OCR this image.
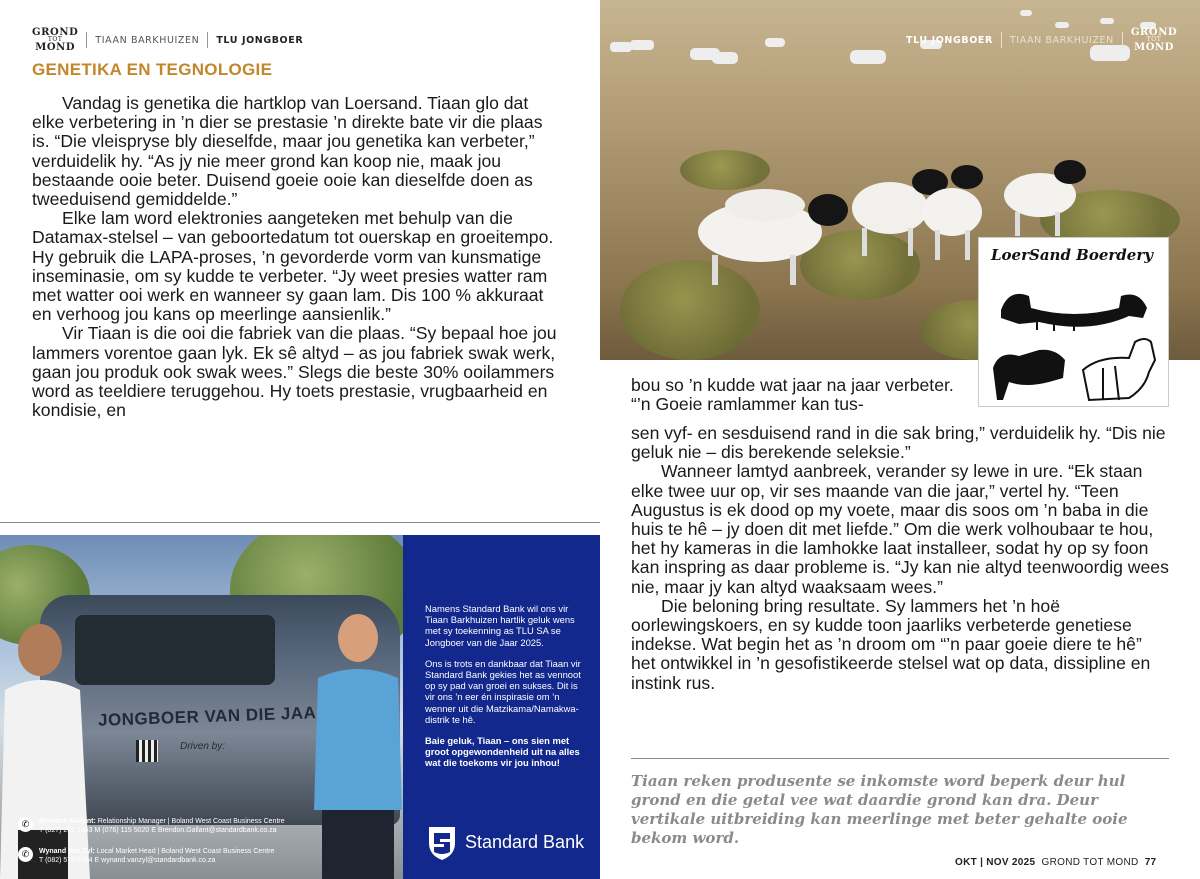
GROND
TOT
MOND
TIAAN BARKHUIZEN TLU JONGBOER
GENETIKA EN TEGNOLOGIE

Vandag is genetika die hartklop van Loersand. Tiaan glo dat elke verbetering in ’n dier se prestasie ’n direkte bate vir die plaas is. “Die vleispryse bly dieselfde, maar jou genetika kan verbeter,” verduidelik hy. “As jy nie meer grond kan koop nie, maak jou bestaande ooie beter. Duisend goeie ooie kan dieselfde doen as tweeduisend gemiddelde.”

Elke lam word elektronies aangeteken met behulp van die Datamax-stelsel – van geboortedatum tot ouerskap en groeitempo. Hy gebruik die LAPA-proses, ’n gevorderde vorm van kunsmatige inseminasie, om sy kudde te verbeter. “Jy weet presies watter ram met watter ooi werk en wanneer sy gaan lam. Dis 100 % akkuraat en verhoog jou kans op meerlinge aansienlik.”

Vir Tiaan is die ooi die fabriek van die plaas. “Sy bepaal hoe jou lammers vorentoe gaan lyk. Ek sê altyd – as jou fabriek swak werk, gaan jou produk ook swak wees.” Slegs die beste 30% ooilammers word as teeldiere teruggehou. Hy toets prestasie, vrugbaarheid en kondisie, en

JONGBOER VAN DIE JAA
Driven by:
✆	Brendon Gallant: Relationship Manager | Boland West Coast Business Centre
T (027) 201 1453 M (076) 115 5020 E Brendon.Gallant@standardbank.co.za
✆	Wynand Van Zyl: Local Market Head | Boland West Coast Business Centre
T (082) 578 9784 E wynand.vanzyl@standardbank.co.za

Namens Standard Bank wil ons vir Tiaan Barkhuizen hartlik geluk wens met sy toekenning as TLU SA se Jongboer van die Jaar 2025.

Ons is trots en dankbaar dat Tiaan vir Standard Bank gekies het as vennoot op sy pad van groei en sukses. Dit is vir ons ’n eer én inspirasie om ’n wenner uit die Matzikama/Namakwa-distrik te hê.

Baie geluk, Tiaan – ons sien met groot opgewondenheid uit na alles wat die toekoms vir jou inhou!

Standard Bank
TLU JONGBOER TIAAN BARKHUIZEN
GROND
TOT
MOND
LoerSand Boerdery

bou so ’n kudde wat jaar na jaar verbeter. “’n Goeie ramlammer kan tus-

sen vyf- en sesduisend rand in die sak bring,” verduidelik hy. “Dis nie geluk nie – dis berekende seleksie.”

Wanneer lamtyd aanbreek, verander sy lewe in ure. “Ek staan elke twee uur op, vir ses maande van die jaar,” vertel hy. “Teen Augustus is ek dood op my voete, maar dis soos om ’n baba in die huis te hê – jy doen dit met liefde.” Om die werk volhoubaar te hou, het hy kameras in die lamhokke laat installeer, sodat hy op sy foon kan inspring as daar probleme is. “Jy kan nie altyd teenwoordig wees nie, maar jy kan altyd waaksaam wees.”

Die beloning bring resultate. Sy lammers het ’n hoë oorlewingskoers, en sy kudde toon jaarliks verbeterde genetiese indekse. Wat begin het as ’n droom om “’n paar goeie diere te hê” het ontwikkel in ’n gesofistikeerde stelsel wat op data, dissipline en instink rus.

Tiaan reken produsente se inkomste word beperk deur hul grond en die getal vee wat daardie grond kan dra. Deur vertikale uitbreiding kan meerlinge met beter gehalte ooie bekom word.
OKT | NOV 2025 GROND TOT MOND 77
